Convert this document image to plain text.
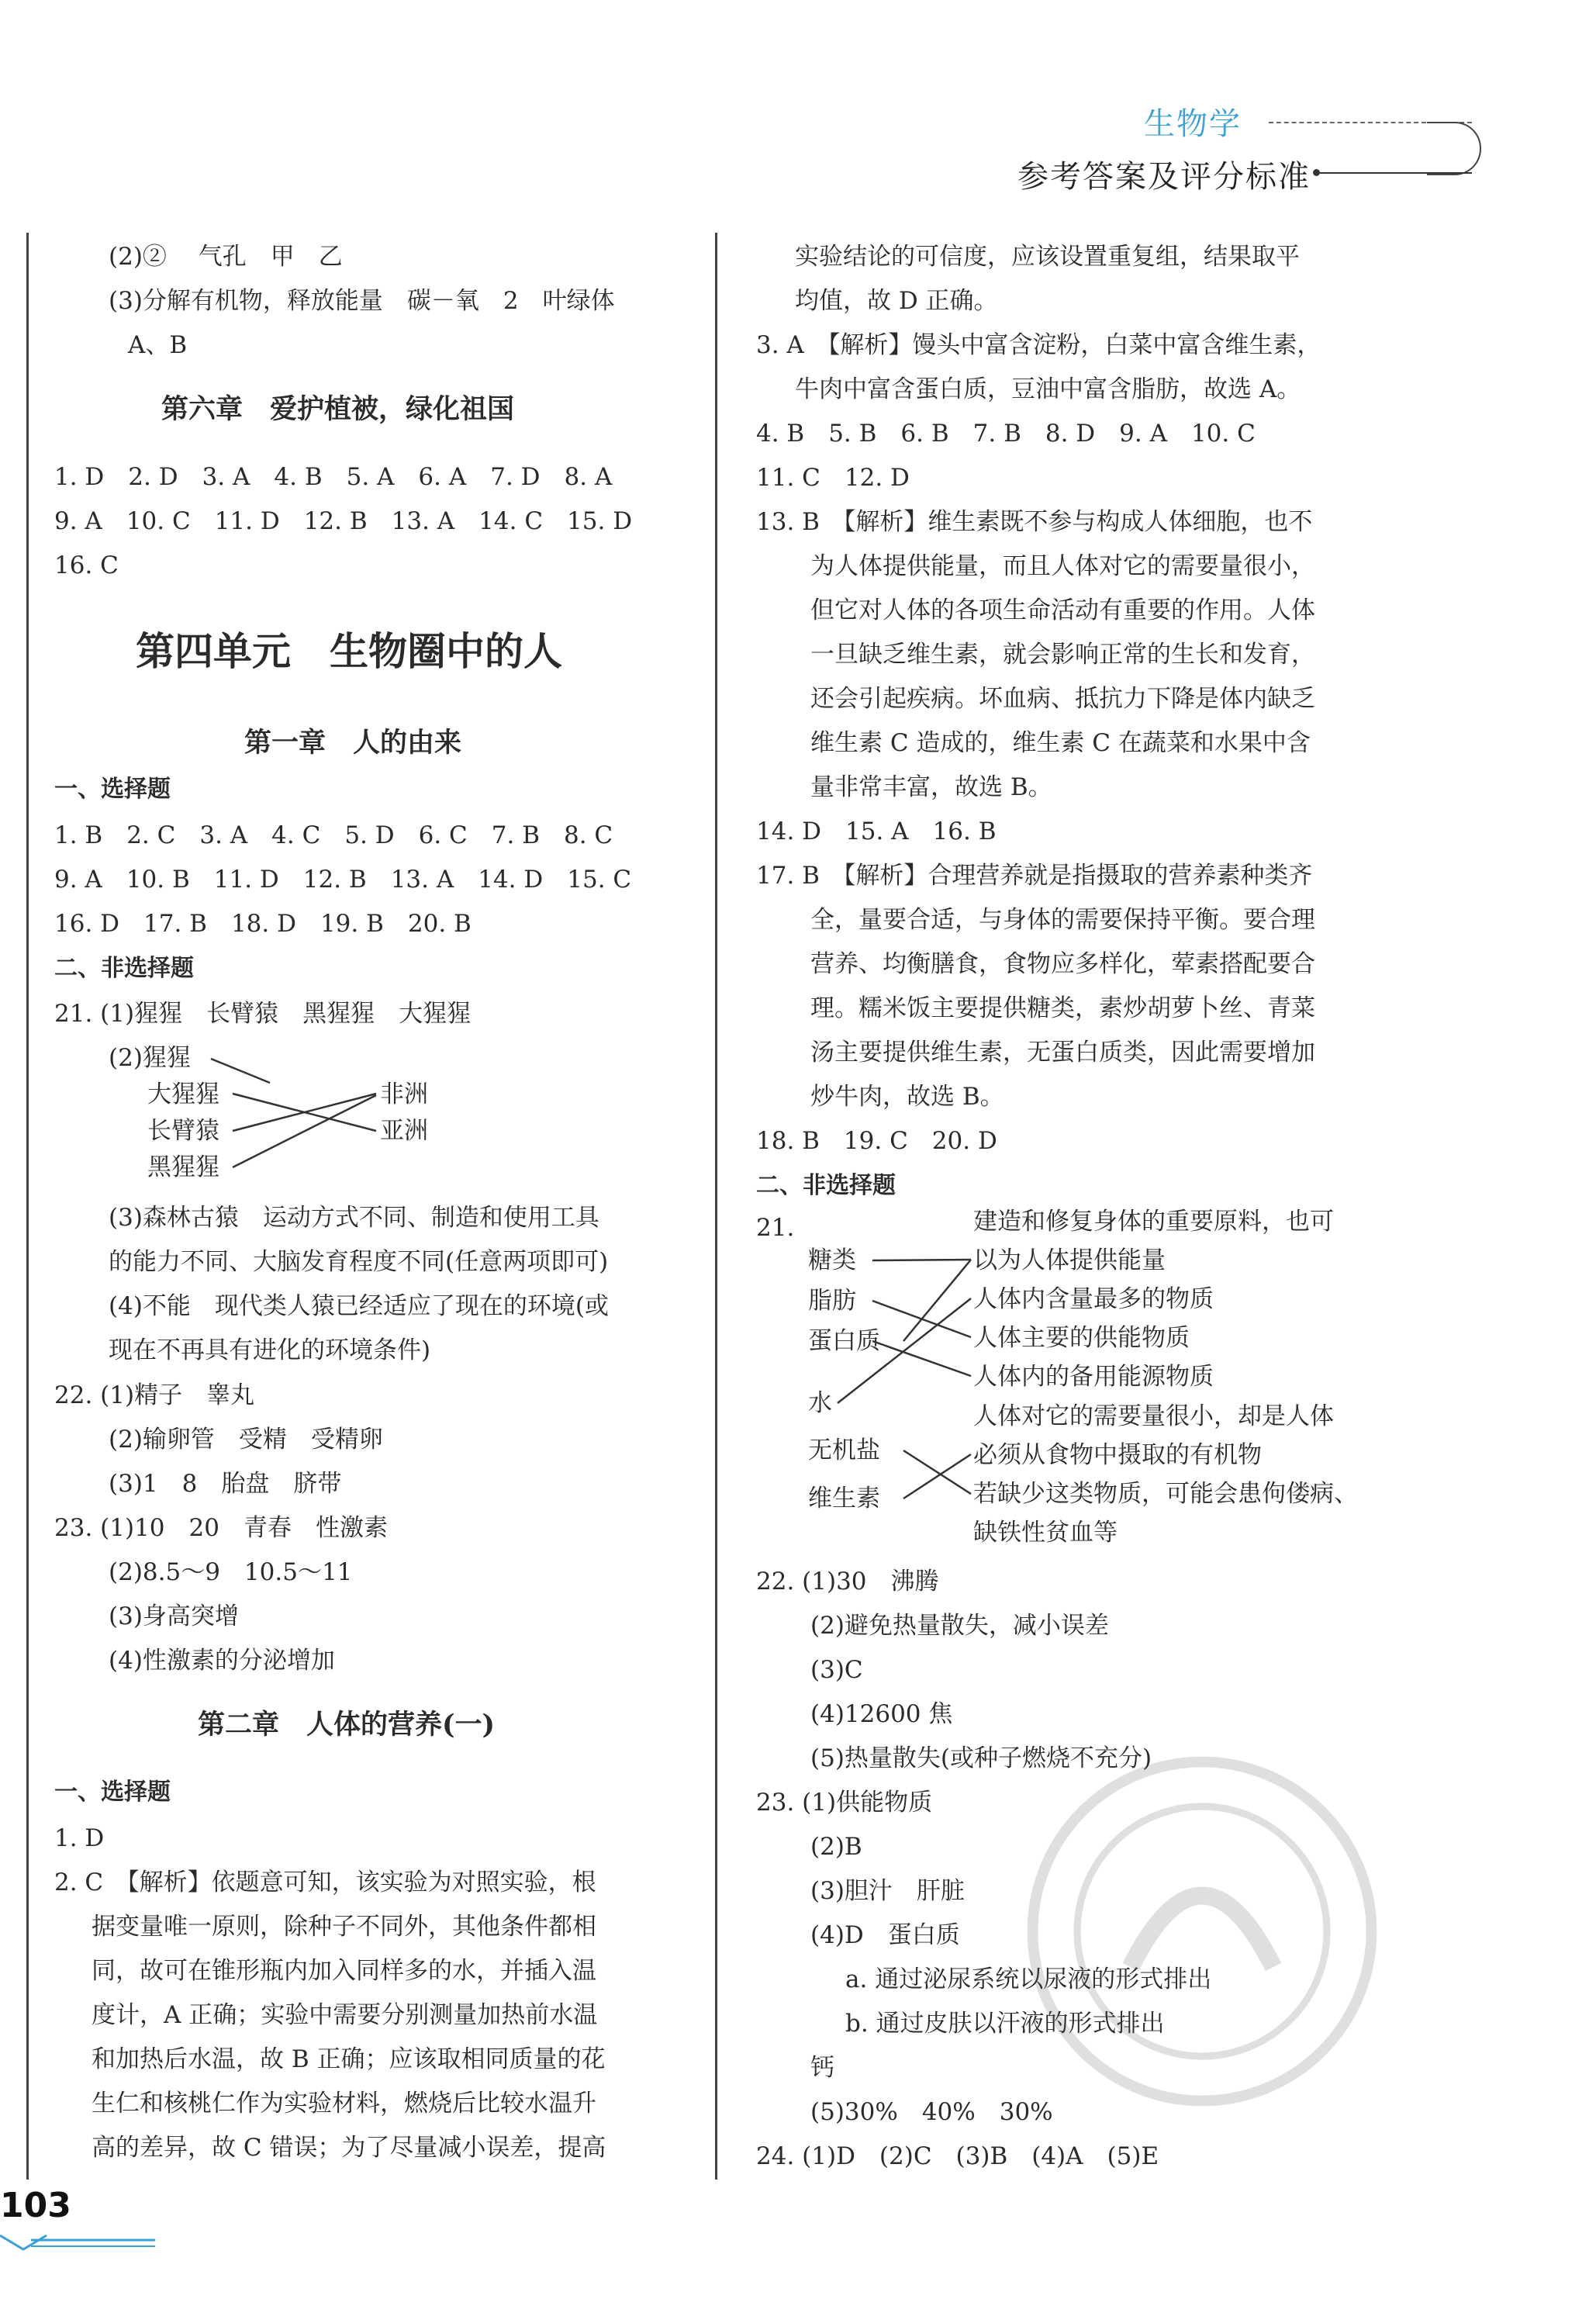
生物学
参考答案及评分标准
(2)②　 气孔　甲　乙
(3)分解有机物，释放能量　碳－氧　2　叶绿体
A、B
第六章　爱护植被，绿化祖国
1. D　2. D　3. A　4. B　5. A　6. A　7. D　8. A
9. A　10. C　11. D　12. B　13. A　14. C　15. D
16. C
第四单元　生物圈中的人
第一章　人的由来
一、选择题
1. B　2. C　3. A　4. C　5. D　6. C　7. B　8. C
9. A　10. B　11. D　12. B　13. A　14. D　15. C
16. D　17. B　18. D　19. B　20. B
二、非选择题
21. (1)猩猩　长臂猿　黑猩猩　大猩猩
(2)猩猩
大猩猩
长臂猿
黑猩猩
非洲
亚洲
(3)森林古猿　运动方式不同、制造和使用工具
的能力不同、大脑发育程度不同(任意两项即可)
(4)不能　现代类人猿已经适应了现在的环境(或
现在不再具有进化的环境条件)
22. (1)精子　睾丸
(2)输卵管　受精　受精卵
(3)1　8　胎盘　脐带
23. (1)10　20　青春　性激素
(2)8.5～9　10.5～11
(3)身高突增
(4)性激素的分泌增加
第二章　人体的营养(一)
一、选择题
1. D
2. C　【解析】依题意可知，该实验为对照实验，根
据变量唯一原则，除种子不同外，其他条件都相
同，故可在锥形瓶内加入同样多的水，并插入温
度计，A 正确；实验中需要分别测量加热前水温
和加热后水温，故 B 正确；应该取相同质量的花
生仁和核桃仁作为实验材料，燃烧后比较水温升
高的差异，故 C 错误；为了尽量减小误差，提高
实验结论的可信度，应该设置重复组，结果取平
均值，故 D 正确。
3. A　【解析】馒头中富含淀粉，白菜中富含维生素，
牛肉中富含蛋白质，豆油中富含脂肪，故选 A。
4. B　5. B　6. B　7. B　8. D　9. A　10. C
11. C　12. D
13. B　【解析】维生素既不参与构成人体细胞，也不
为人体提供能量，而且人体对它的需要量很小，
但它对人体的各项生命活动有重要的作用。人体
一旦缺乏维生素，就会影响正常的生长和发育，
还会引起疾病。坏血病、抵抗力下降是体内缺乏
维生素 C 造成的，维生素 C 在蔬菜和水果中含
量非常丰富，故选 B。
14. D　15. A　16. B
17. B　【解析】合理营养就是指摄取的营养素种类齐
全，量要合适，与身体的需要保持平衡。要合理
营养、均衡膳食，食物应多样化，荤素搭配要合
理。糯米饭主要提供糖类，素炒胡萝卜丝、青菜
汤主要提供维生素，无蛋白质类，因此需要增加
炒牛肉，故选 B。
18. B　19. C　20. D
二、非选择题
21.	建造和修复身体的重要原料，也可
糖类	以为人体提供能量
脂肪	人体内含量最多的物质
蛋白质	人体主要的供能物质
水
人体内的备用能源物质
人体对它的需要量很小，却是人体
无机盐	必须从食物中摄取的有机物
维生素	若缺少这类物质，可能会患佝偻病、
缺铁性贫血等
22. (1)30　沸腾
(2)避免热量散失，减小误差
(3)C
(4)12600 焦
(5)热量散失(或种子燃烧不充分)
23. (1)供能物质
(2)B
(3)胆汁　肝脏
(4)D　蛋白质
a. 通过泌尿系统以尿液的形式排出
b. 通过皮肤以汗液的形式排出
钙
(5)30%　40%　30%
24. (1)D　(2)C　(3)B　(4)A　(5)E
103
